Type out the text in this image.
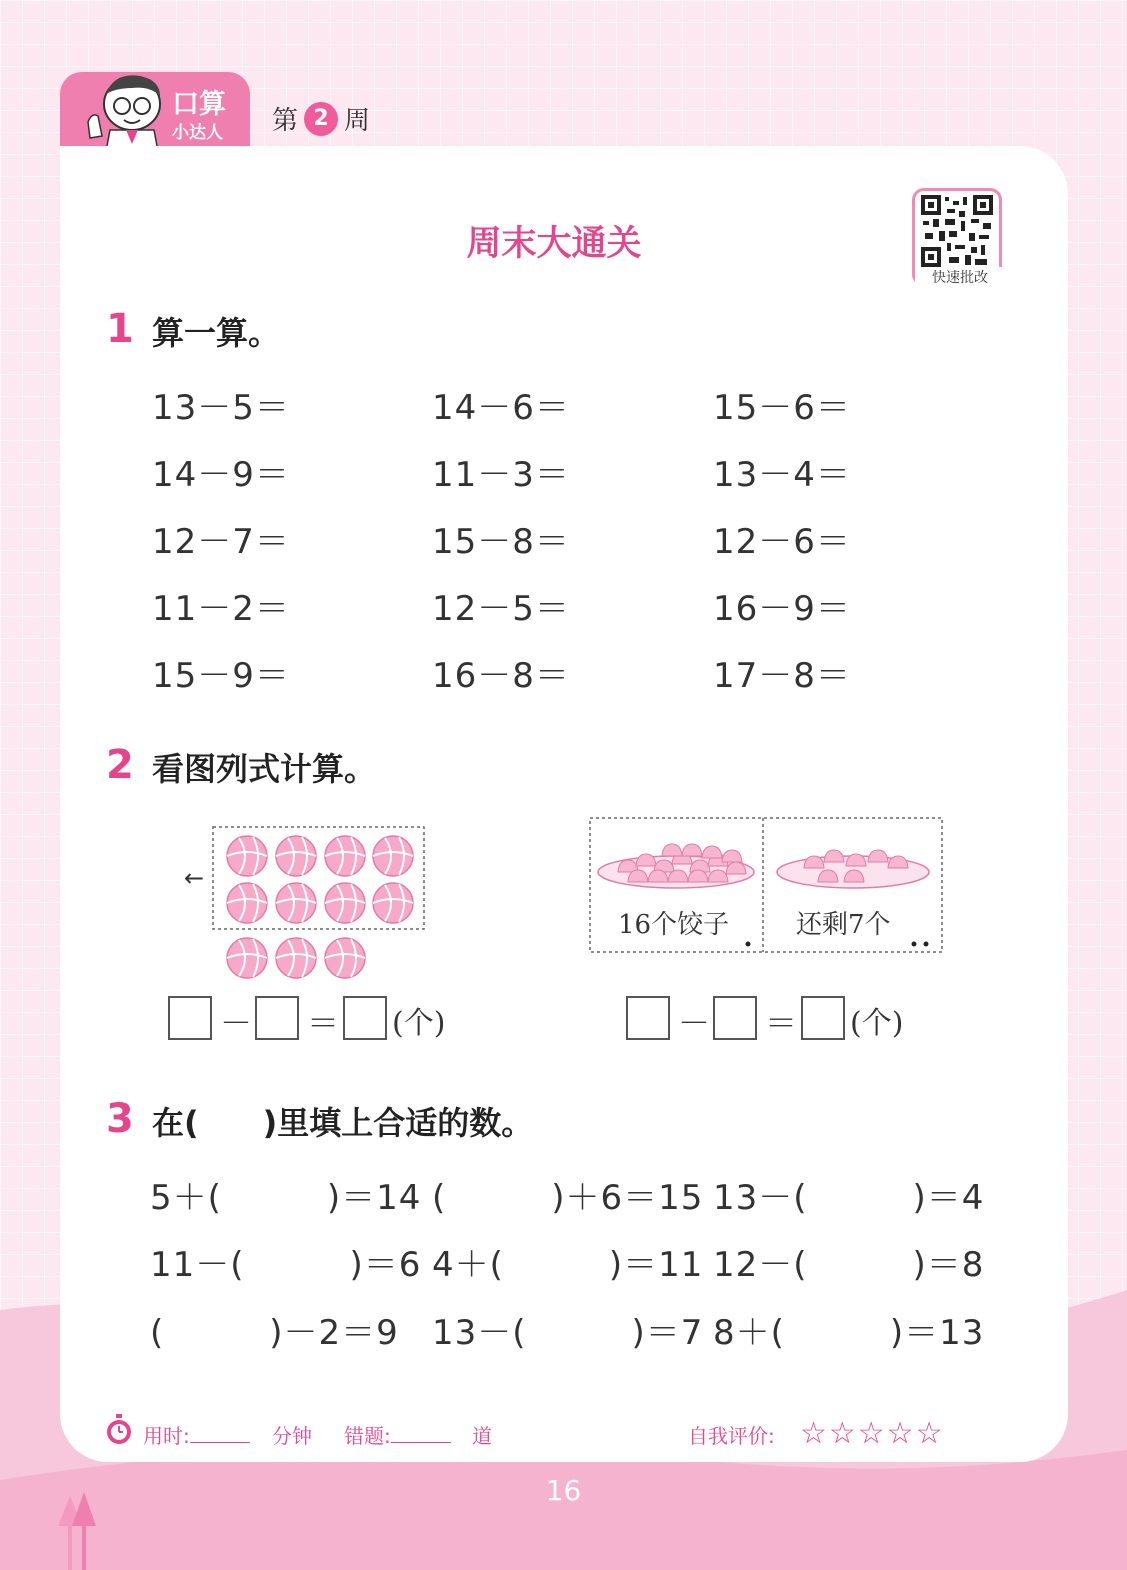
口算
小达人 第 2 周
周末大通关
快速批改
1 算一算。
13－5＝	14－6＝	15－6＝
14－9＝	11－3＝	13－4＝
12－7＝	15－8＝	12－6＝
11－2＝	12－5＝	16－9＝
15－9＝	16－8＝	17－8＝
2 看图列式计算。
←
－ ＝ (个)
16个饺子	还剩7个
－ ＝ (个)
3 在(　　)里填上合适的数。
5＋(　　　)＝14 (　　　)＋6＝15 13－(　　　)＝4
11－(　　　)＝6 4＋(　　　)＝11 12－(　　　)＝8
(　　　)－2＝9 13－(　　　)＝7 8＋(　　　)＝13
用时:	分钟 错题:	道	自我评价: ☆☆☆☆☆
16
